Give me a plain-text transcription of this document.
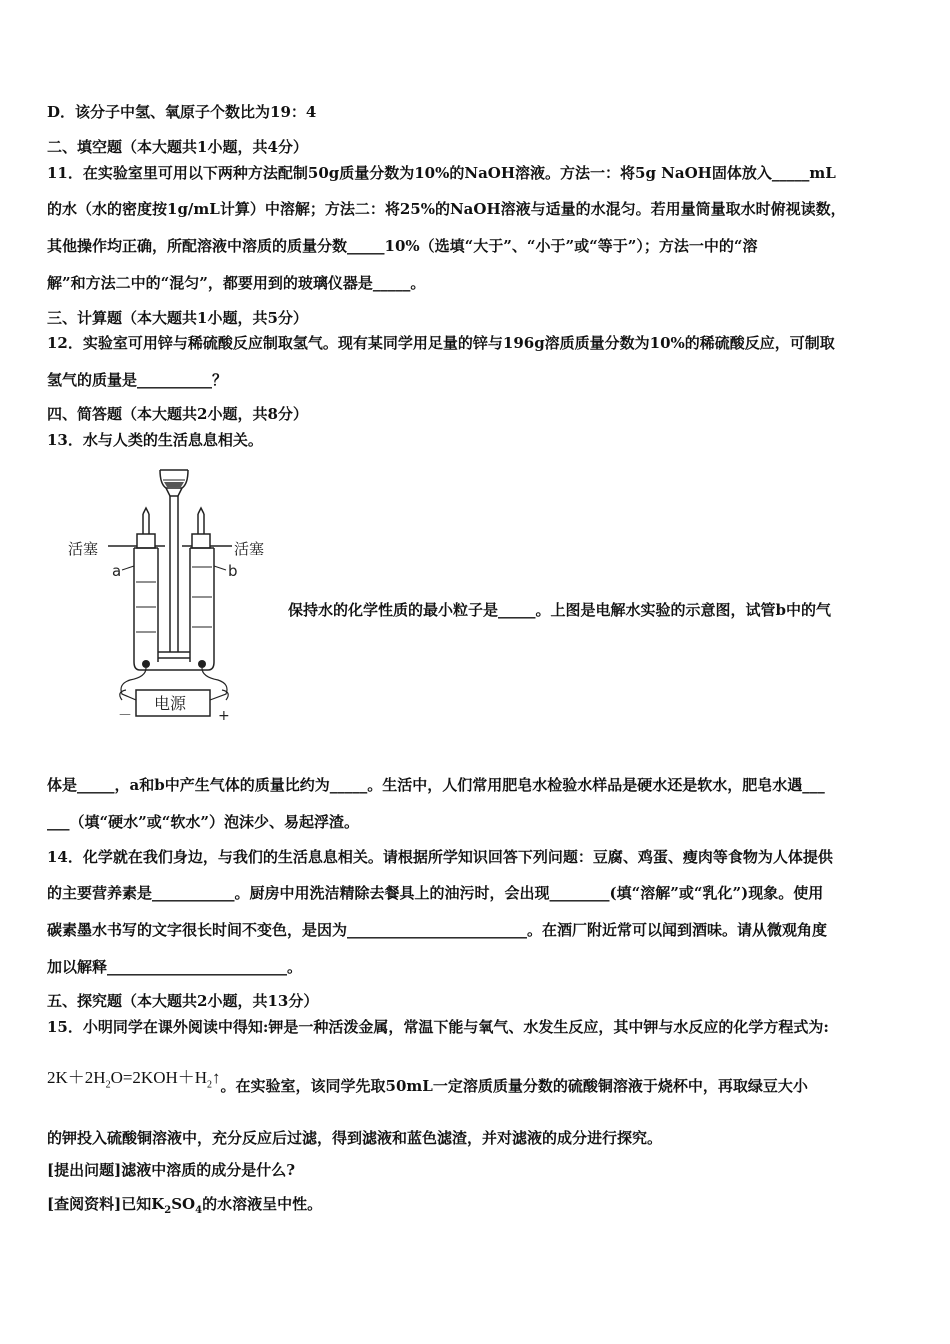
D．该分子中氢、氧原子个数比为19：4
二、填空题（本大题共1小题，共4分）
11．在实验室里可用以下两种方法配制50g质量分数为10%的NaOH溶液。方法一：将5g NaOH固体放入_____mL
的水（水的密度按1g/mL计算）中溶解；方法二：将25%的NaOH溶液与适量的水混匀。若用量筒量取水时俯视读数，
其他操作均正确，所配溶液中溶质的质量分数_____10%（选填“大于”、“小于”或“等于”）；方法一中的“溶
解”和方法二中的“混匀”，都要用到的玻璃仪器是_____。
三、计算题（本大题共1小题，共5分）
12．实验室可用锌与稀硫酸反应制取氢气。现有某同学用足量的锌与196g溶质质量分数为10%的稀硫酸反应，可制取
氢气的质量是__________？
四、简答题（本大题共2小题，共8分）
13．水与人类的生活息息相关。
活塞	活塞
a	b
电源
－	+
保持水的化学性质的最小粒子是_____。上图是电解水实验的示意图，试管b中的气
体是_____，a和b中产生气体的质量比约为_____。生活中，人们常用肥皂水检验水样品是硬水还是软水，肥皂水遇___
___（填“硬水”或“软水”）泡沫少、易起浮渣。
14．化学就在我们身边，与我们的生活息息相关。请根据所学知识回答下列问题：豆腐、鸡蛋、瘦肉等食物为人体提供
的主要营养素是___________。厨房中用洗洁精除去餐具上的油污时，会出现________(填“溶解”或“乳化”)现象。使用
碳素墨水书写的文字很长时间不变色，是因为________________________。在酒厂附近常可以闻到酒味。请从微观角度
加以解释________________________。
五、探究题（本大题共2小题，共13分）
15．小明同学在课外阅读中得知:钾是一种活泼金属，常温下能与氧气、水发生反应，其中钾与水反应的化学方程式为:
$2K+2H_2O=2KOH+H_2↑$。在实验室，该同学先取50mL一定溶质质量分数的硫酸铜溶液于烧杯中，再取绿豆大小
的钾投入硫酸铜溶液中，充分反应后过滤，得到滤液和蓝色滤渣，并对滤液的成分进行探究。
[提出问题]滤液中溶质的成分是什么?
[查阅资料]已知$K_2SO_4$的水溶液呈中性。
